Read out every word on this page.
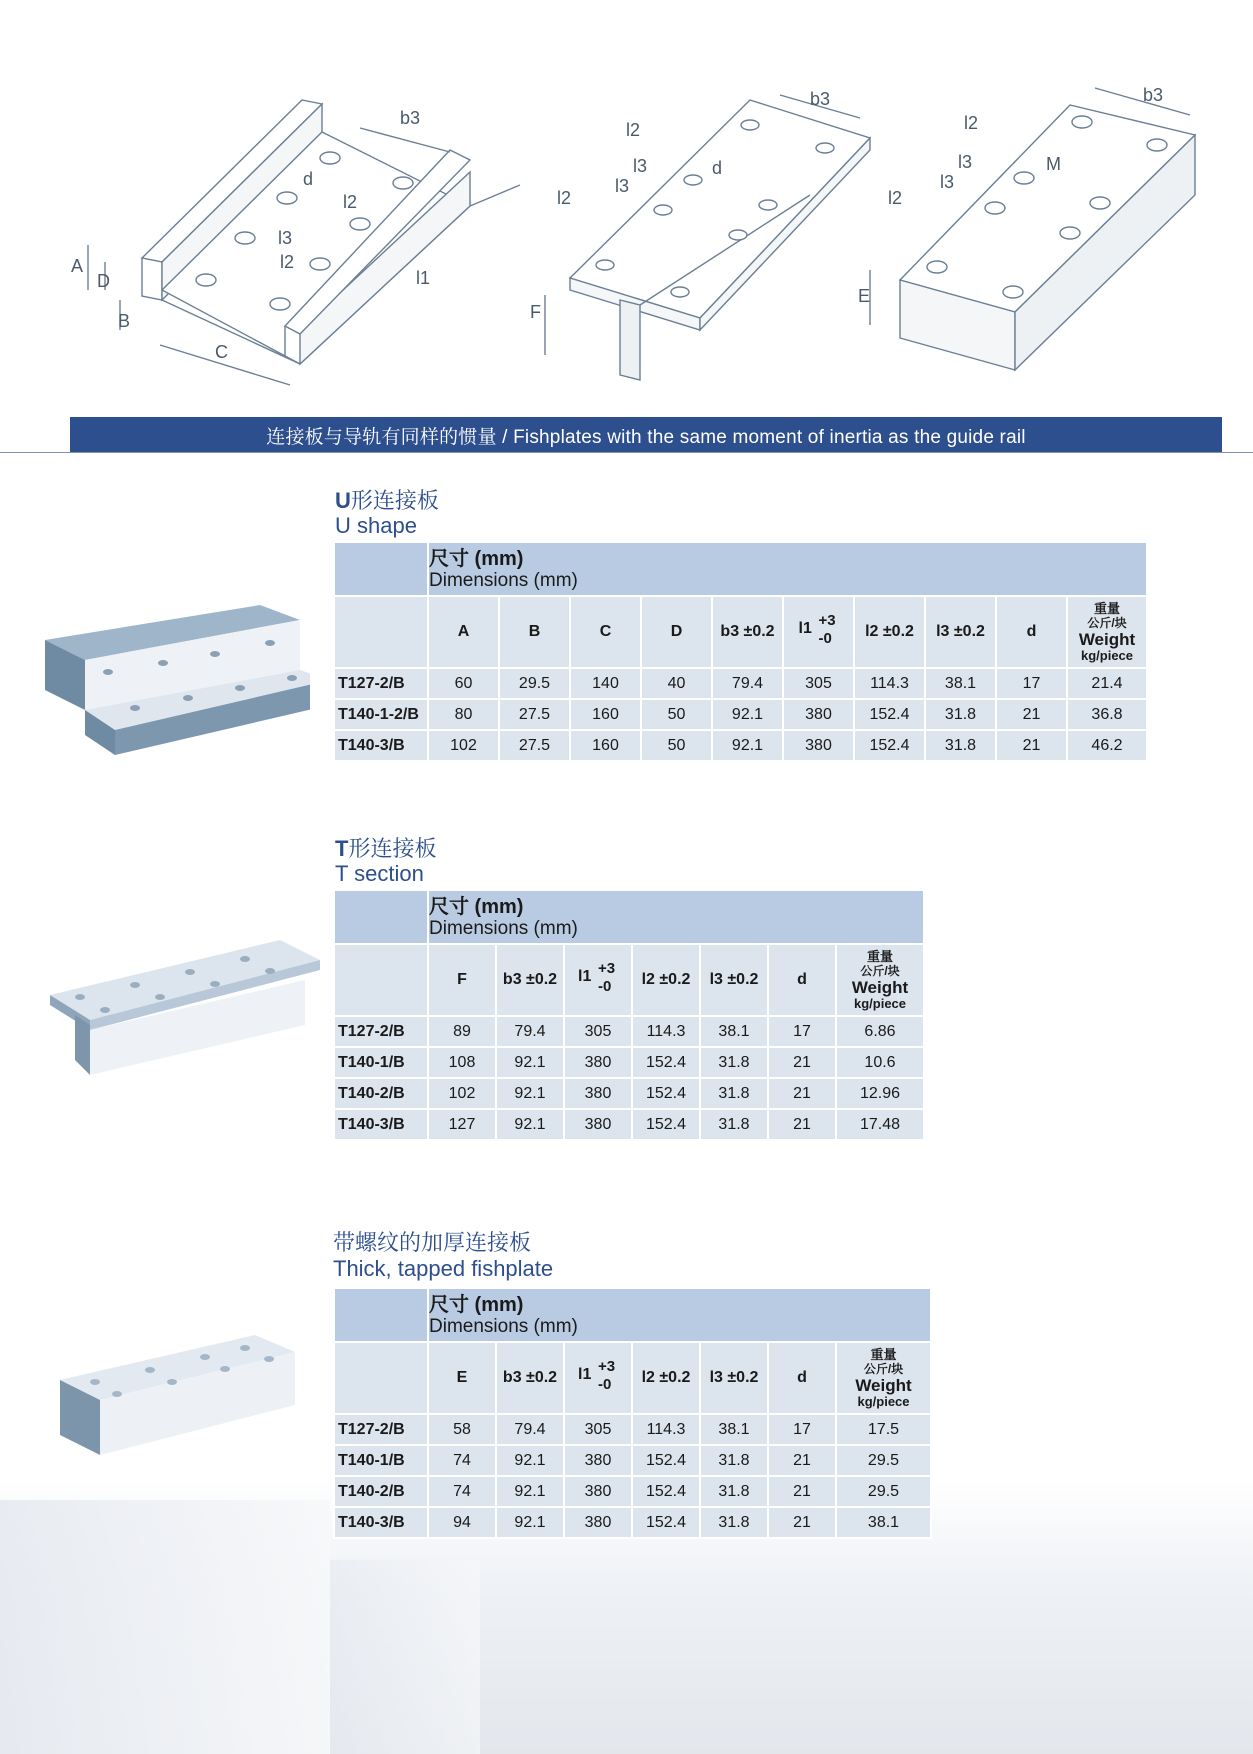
b3
d
l2
l3
l2
l1
A
D
B
C
b3
l2
l3
l3
d
l2
F
b3
l2
l3
l3
M
l2
E
连接板与导轨有同样的惯量 / Fishplates with the same moment of inertia as the guide rail
U形连接板
U shape

	尺寸 (mm)
Dimensions (mm)									

	A	B	C	D	b3 ±0.2	+3
l1
-0	l2 ±0.2	l3 ±0.2	d	重量
公斤/块
Weight
kg/piece

T127-2/B	60	29.5	140	40	79.4	305	114.3	38.1	17	21.4
T140-1-2/B	80	27.5	160	50	92.1	380	152.4	31.8	21	36.8
T140-3/B	102	27.5	160	50	92.1	380	152.4	31.8	21	46.2
T形连接板
T section

	尺寸 (mm)
Dimensions (mm)						

	F	b3 ±0.2	+3
l1
-0	l2 ±0.2	l3 ±0.2	d	重量
公斤/块
Weight
kg/piece

T127-2/B	89	79.4	305	114.3	38.1	17	6.86
T140-1/B	108	92.1	380	152.4	31.8	21	10.6
T140-2/B	102	92.1	380	152.4	31.8	21	12.96
T140-3/B	127	92.1	380	152.4	31.8	21	17.48
带螺纹的加厚连接板
Thick, tapped fishplate

	尺寸 (mm)
Dimensions (mm)						

	E	b3 ±0.2	+3
l1
-0	l2 ±0.2	l3 ±0.2	d	重量
公斤/块
Weight
kg/piece

T127-2/B	58	79.4	305	114.3	38.1	17	17.5
T140-1/B	74	92.1	380	152.4	31.8	21	29.5
T140-2/B	74	92.1	380	152.4	31.8	21	29.5
T140-3/B	94	92.1	380	152.4	31.8	21	38.1
